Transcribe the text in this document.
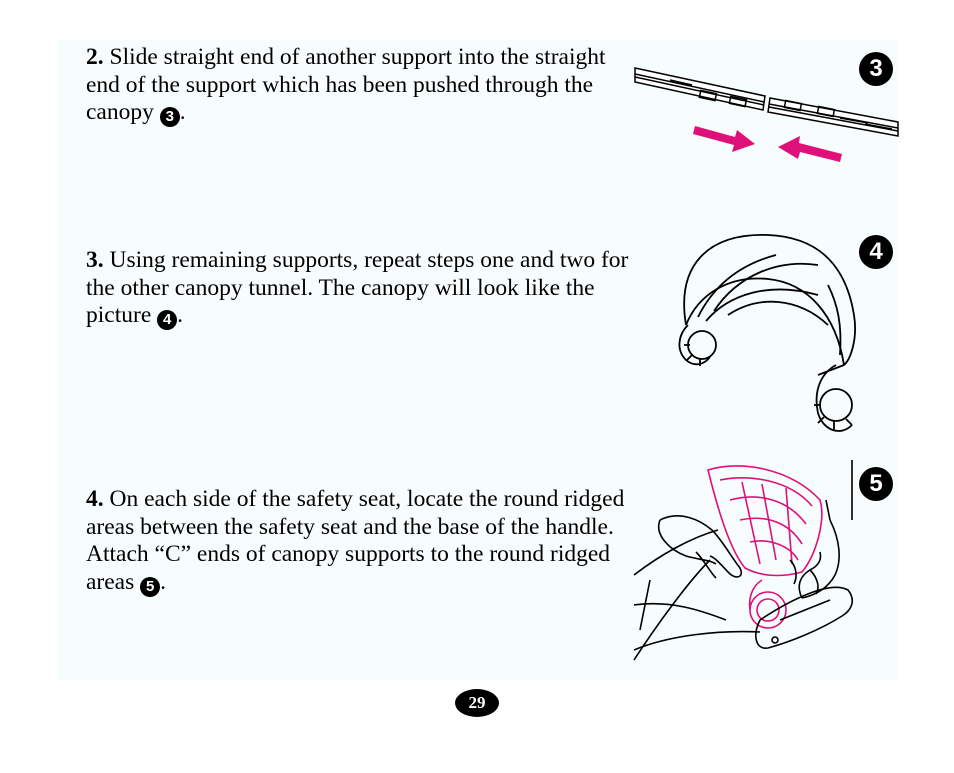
2. Slide straight end of another support into the straight end of the support which has been pushed through the canopy 3 .
3. Using remaining supports, repeat steps one and two for the other canopy tunnel. The canopy will look like the picture 4 .
4. On each side of the safety seat, locate the round ridged areas between the safety seat and the base of the handle. Attach “C” ends of canopy supports to the round ridged areas 5 .
3
4
5
29
